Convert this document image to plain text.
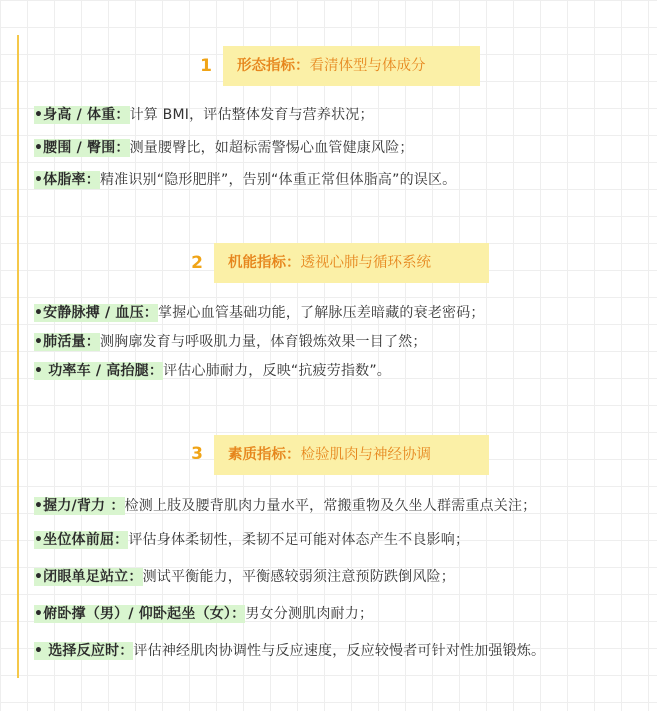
1	形态指标：看清体型与体成分
•身高 / 体重：计算 BMI，评估整体发育与营养状况；
•腰围 / 臀围：测量腰臀比，如超标需警惕心血管健康风险；
•体脂率：精准识别“隐形肥胖”，告别“体重正常但体脂高”的误区。
2	机能指标：透视心肺与循环系统
•安静脉搏 / 血压：掌握心血管基础功能，了解脉压差暗藏的衰老密码；
•肺活量：测胸廓发育与呼吸肌力量，体育锻炼效果一目了然；
• 功率车 / 高抬腿：评估心肺耐力，反映“抗疲劳指数”。
3	素质指标：检验肌肉与神经协调
•握力/背力 ：检测上肢及腰背肌肉力量水平，常搬重物及久坐人群需重点关注；
•坐位体前屈：评估身体柔韧性，柔韧不足可能对体态产生不良影响；
•闭眼单足站立：测试平衡能力，平衡感较弱须注意预防跌倒风险；
•俯卧撑（男）/ 仰卧起坐（女）：男女分测肌肉耐力；
• 选择反应时：评估神经肌肉协调性与反应速度，反应较慢者可针对性加强锻炼。
